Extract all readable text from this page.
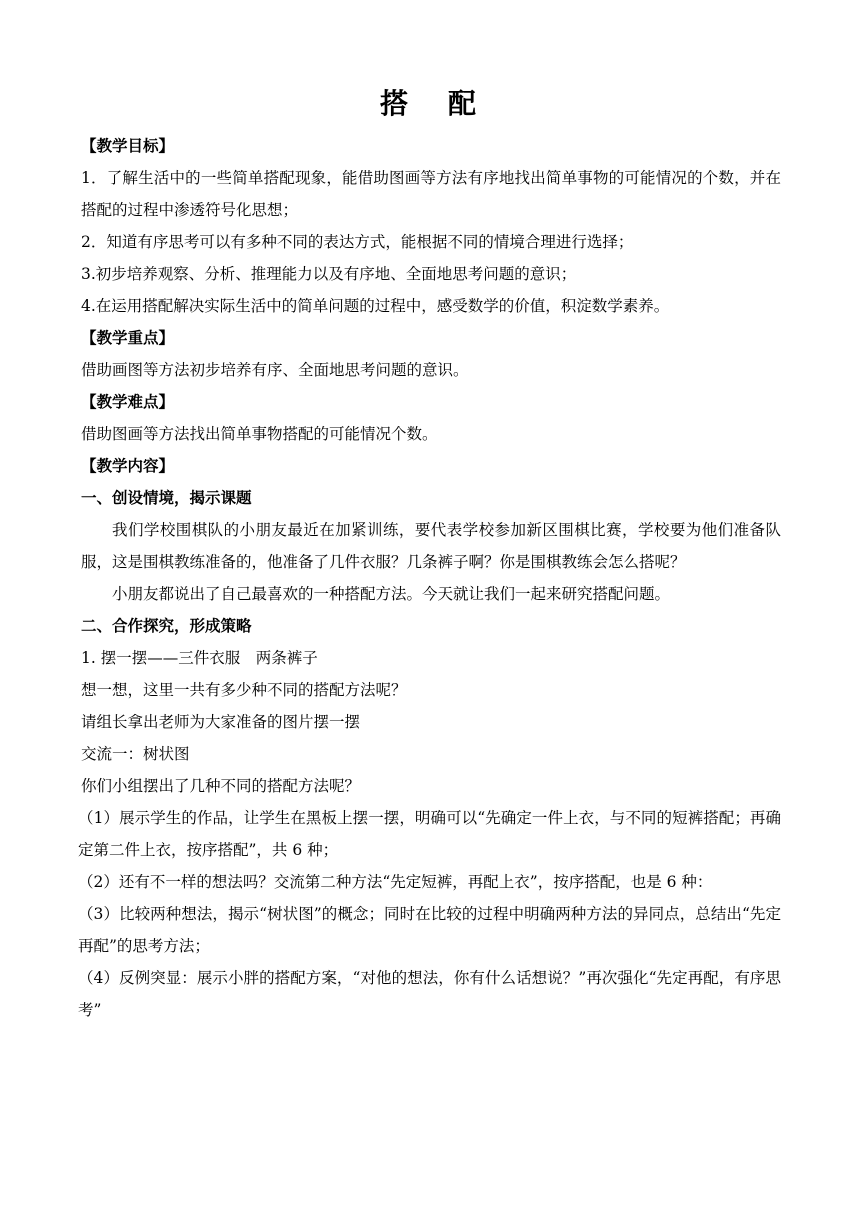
搭　配
【教学目标】
1．了解生活中的一些简单搭配现象，能借助图画等方法有序地找出简单事物的可能情况的个数，并在搭配的过程中渗透符号化思想；
2．知道有序思考可以有多种不同的表达方式，能根据不同的情境合理进行选择；
3.初步培养观察、分析、推理能力以及有序地、全面地思考问题的意识；
4.在运用搭配解决实际生活中的简单问题的过程中，感受数学的价值，积淀数学素养。
【教学重点】
借助画图等方法初步培养有序、全面地思考问题的意识。
【教学难点】
借助图画等方法找出简单事物搭配的可能情况个数。
【教学内容】
一、创设情境，揭示课题
我们学校围棋队的小朋友最近在加紧训练，要代表学校参加新区围棋比赛，学校要为他们准备队服，这是围棋教练准备的，他准备了几件衣服？几条裤子啊？你是围棋教练会怎么搭呢？
小朋友都说出了自己最喜欢的一种搭配方法。今天就让我们一起来研究搭配问题。
二、合作探究，形成策略
1. 摆一摆——三件衣服　两条裤子
想一想，这里一共有多少种不同的搭配方法呢？
请组长拿出老师为大家准备的图片摆一摆
交流一：树状图
你们小组摆出了几种不同的搭配方法呢？
（1）展示学生的作品，让学生在黑板上摆一摆，明确可以“先确定一件上衣，与不同的短裤搭配；再确定第二件上衣，按序搭配”，共 6 种；
（2）还有不一样的想法吗？交流第二种方法“先定短裤，再配上衣”，按序搭配，也是 6 种：
（3）比较两种想法，揭示“树状图”的概念；同时在比较的过程中明确两种方法的异同点，总结出“先定再配”的思考方法；
（4）反例突显：展示小胖的搭配方案，“对他的想法，你有什么话想说？”再次强化“先定再配，有序思考”
